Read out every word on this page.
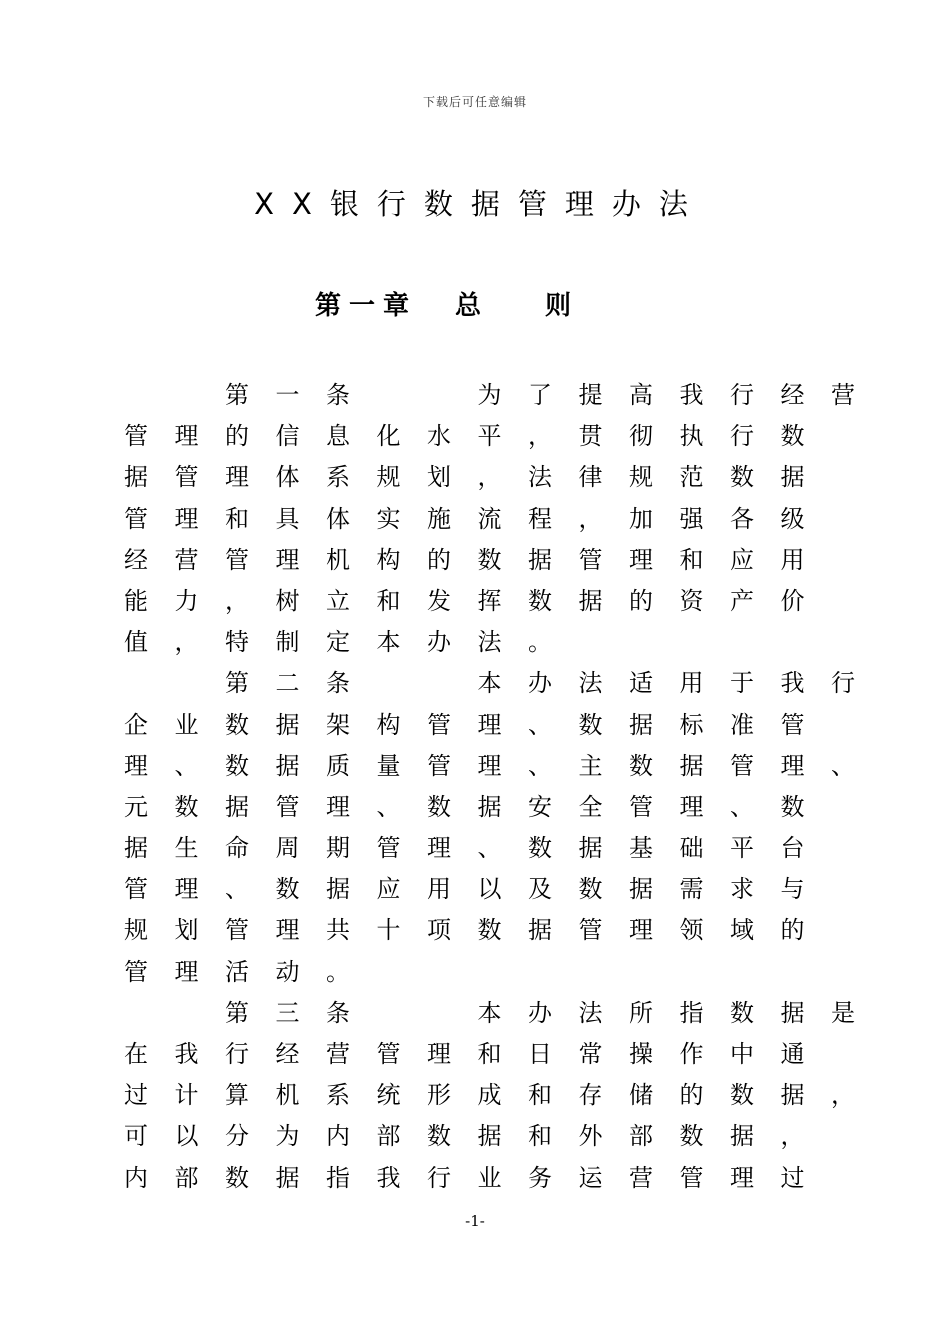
下载后可任意编辑
XX银行数据管理办法
第一章 总则
第 一 条	为 了 提 高 我 行 经 营
管 理 的 信 息 化 水 平 ， 贯 彻 执 行 数
据 管 理 体 系 规 划 ， 法 律 规 范 数 据
管 理 和 具 体 实 施 流 程 ， 加 强 各 级
经 营 管 理 机 构 的 数 据 管 理 和 应 用
能 力 ， 树 立 和 发 挥 数 据 的 资 产 价
值 ， 特 制 定 本 办 法 。
第 二 条	本 办 法 适 用 于 我 行
企 业 数 据 架 构 管 理 、 数 据 标 准 管
理 、 数 据 质 量 管 理 、 主 数 据 管 理 、
元 数 据 管 理 、 数 据 安 全 管 理 、 数
据 生 命 周 期 管 理 、 数 据 基 础 平 台
管 理 、 数 据 应 用 以 及 数 据 需 求 与
规 划 管 理 共 十 项 数 据 管 理 领 域 的
管 理 活 动 。
第 三 条	本 办 法 所 指 数 据 是
在 我 行 经 营 管 理 和 日 常 操 作 中 通
过 计 算 机 系 统 形 成 和 存 储 的 数 据 ，
可 以 分 为 内 部 数 据 和 外 部 数 据 ，
内 部 数 据 指 我 行 业 务 运 营 管 理 过
-1-
